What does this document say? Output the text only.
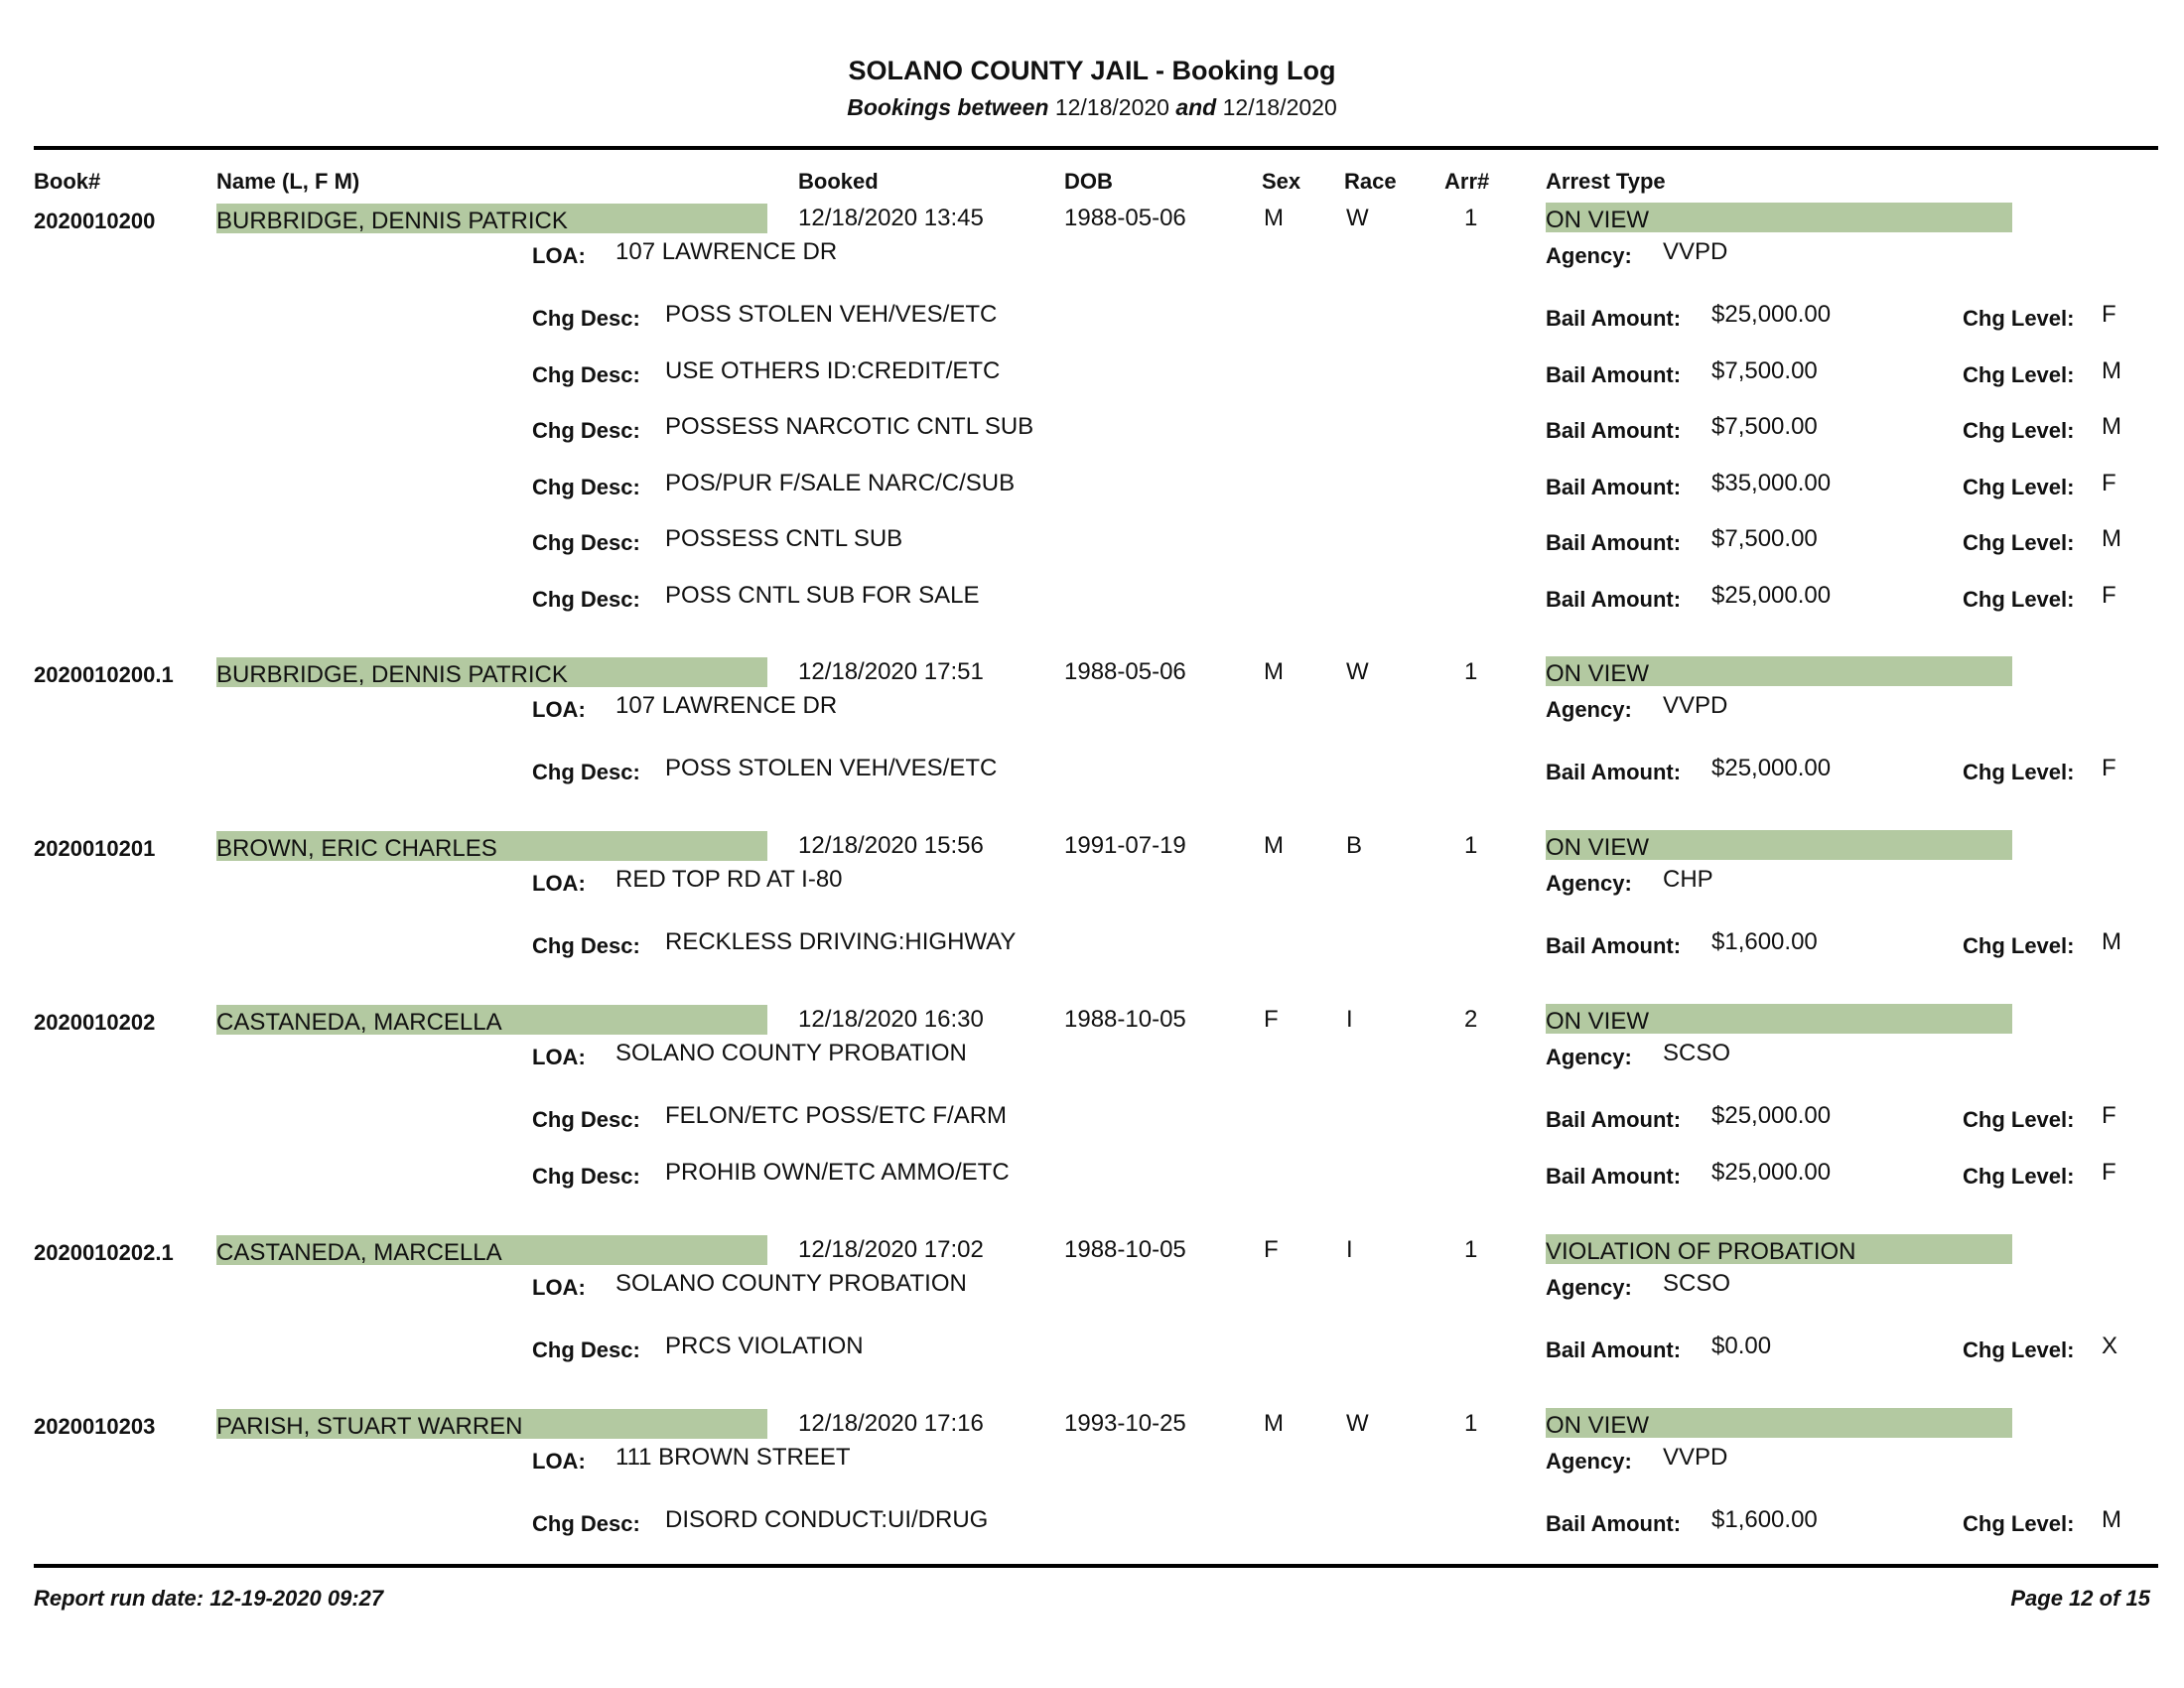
SOLANO COUNTY JAIL - Booking Log
Bookings between 12/18/2020 and 12/18/2020
Book#	Name (L, F M)	Booked	DOB	Sex Race Arr#	Arrest Type
2020010200	BURBRIDGE, DENNIS PATRICK	12/18/2020 13:45	1988-05-06	M	W	1	ON VIEW
LOA: 107 LAWRENCE DR	Agency: VVPD
Chg Desc: POSS STOLEN VEH/VES/ETC	Bail Amount: $25,000.00	Chg Level: F
Chg Desc: USE OTHERS ID:CREDIT/ETC	Bail Amount: $7,500.00	Chg Level: M
Chg Desc: POSSESS NARCOTIC CNTL SUB	Bail Amount: $7,500.00	Chg Level: M
Chg Desc: POS/PUR F/SALE NARC/C/SUB	Bail Amount: $35,000.00	Chg Level: F
Chg Desc: POSSESS CNTL SUB	Bail Amount: $7,500.00	Chg Level: M
Chg Desc: POSS CNTL SUB FOR SALE	Bail Amount: $25,000.00	Chg Level: F
2020010200.1 BURBRIDGE, DENNIS PATRICK	12/18/2020 17:51	1988-05-06	M	W	1	ON VIEW
LOA: 107 LAWRENCE DR	Agency: VVPD
Chg Desc: POSS STOLEN VEH/VES/ETC	Bail Amount: $25,000.00	Chg Level: F
2020010201	BROWN, ERIC CHARLES	12/18/2020 15:56	1991-07-19	M	B	1	ON VIEW
LOA: RED TOP RD AT I-80	Agency: CHP
Chg Desc: RECKLESS DRIVING:HIGHWAY	Bail Amount: $1,600.00	Chg Level: M
2020010202	CASTANEDA, MARCELLA	12/18/2020 16:30	1988-10-05	F	I	2	ON VIEW
LOA: SOLANO COUNTY PROBATION	Agency: SCSO
Chg Desc: FELON/ETC POSS/ETC F/ARM	Bail Amount: $25,000.00	Chg Level: F
Chg Desc: PROHIB OWN/ETC AMMO/ETC	Bail Amount: $25,000.00	Chg Level: F
2020010202.1 CASTANEDA, MARCELLA	12/18/2020 17:02	1988-10-05	F	I	1	VIOLATION OF PROBATION
LOA: SOLANO COUNTY PROBATION	Agency: SCSO
Chg Desc: PRCS VIOLATION	Bail Amount: $0.00	Chg Level: X
2020010203	PARISH, STUART WARREN	12/18/2020 17:16	1993-10-25	M	W	1	ON VIEW
LOA: 111 BROWN STREET	Agency: VVPD
Chg Desc: DISORD CONDUCT:UI/DRUG	Bail Amount: $1,600.00	Chg Level: M
Report run date: 12-19-2020 09:27	Page 12 of 15
